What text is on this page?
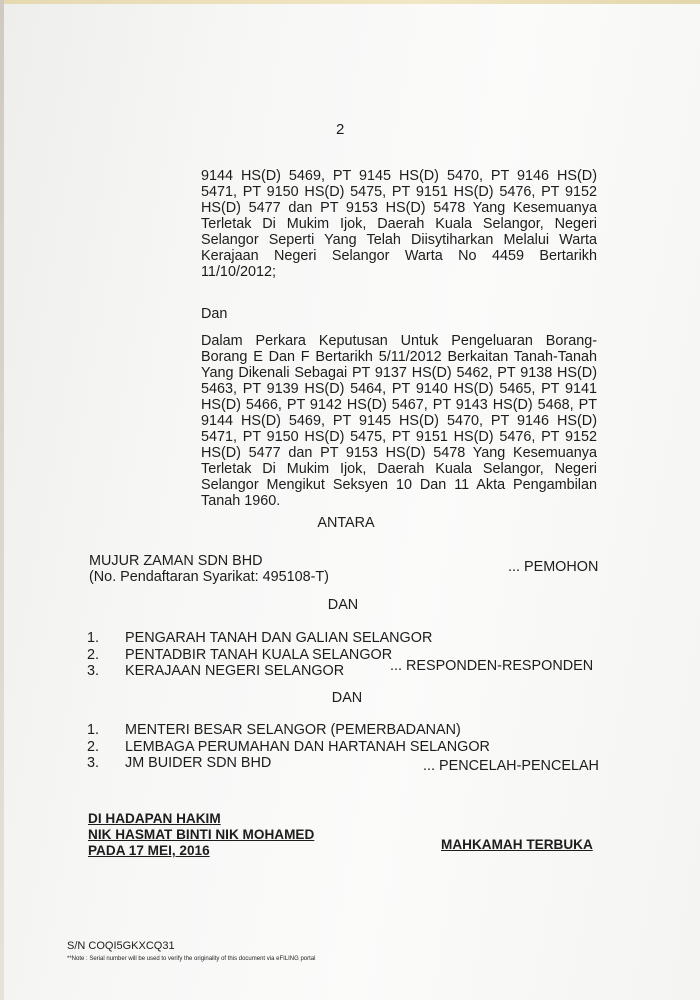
2
9144 HS(D) 5469, PT 9145 HS(D) 5470, PT 9146 HS(D) 5471, PT 9150 HS(D) 5475, PT 9151 HS(D) 5476, PT 9152 HS(D) 5477 dan PT 9153 HS(D) 5478 Yang Kesemuanya Terletak Di Mukim Ijok, Daerah Kuala Selangor, Negeri Selangor Seperti Yang Telah Diisytiharkan Melalui Warta Kerajaan Negeri Selangor Warta No 4459 Bertarikh 11/10/2012;
Dan
Dalam Perkara Keputusan Untuk Pengeluaran Borang-Borang E Dan F Bertarikh 5/11/2012 Berkaitan Tanah-Tanah Yang Dikenali Sebagai PT 9137 HS(D) 5462, PT 9138 HS(D) 5463, PT 9139 HS(D) 5464, PT 9140 HS(D) 5465, PT 9141 HS(D) 5466, PT 9142 HS(D) 5467, PT 9143 HS(D) 5468, PT 9144 HS(D) 5469, PT 9145 HS(D) 5470, PT 9146 HS(D) 5471, PT 9150 HS(D) 5475, PT 9151 HS(D) 5476, PT 9152 HS(D) 5477 dan PT 9153 HS(D) 5478 Yang Kesemuanya Terletak Di Mukim Ijok, Daerah Kuala Selangor, Negeri Selangor Mengikut Seksyen 10 Dan 11 Akta Pengambilan Tanah 1960.
ANTARA
MUJUR ZAMAN SDN BHD
(No. Pendaftaran Syarikat: 495108-T)
... PEMOHON
DAN
1. PENGARAH TANAH DAN GALIAN SELANGOR
2. PENTADBIR TANAH KUALA SELANGOR
3. KERAJAAN NEGERI SELANGOR	... RESPONDEN-RESPONDEN
DAN
1. MENTERI BESAR SELANGOR (PEMERBADANAN)
2. LEMBAGA PERUMAHAN DAN HARTANAH SELANGOR
3. JM BUIDER SDN BHD	... PENCELAH-PENCELAH
DI HADAPAN HAKIM
NIK HASMAT BINTI NIK MOHAMED
PADA 17 MEI, 2016	MAHKAMAH TERBUKA
S/N COQI5GKXCQ31
**Note : Serial number will be used to verify the originality of this document via eFILING portal
